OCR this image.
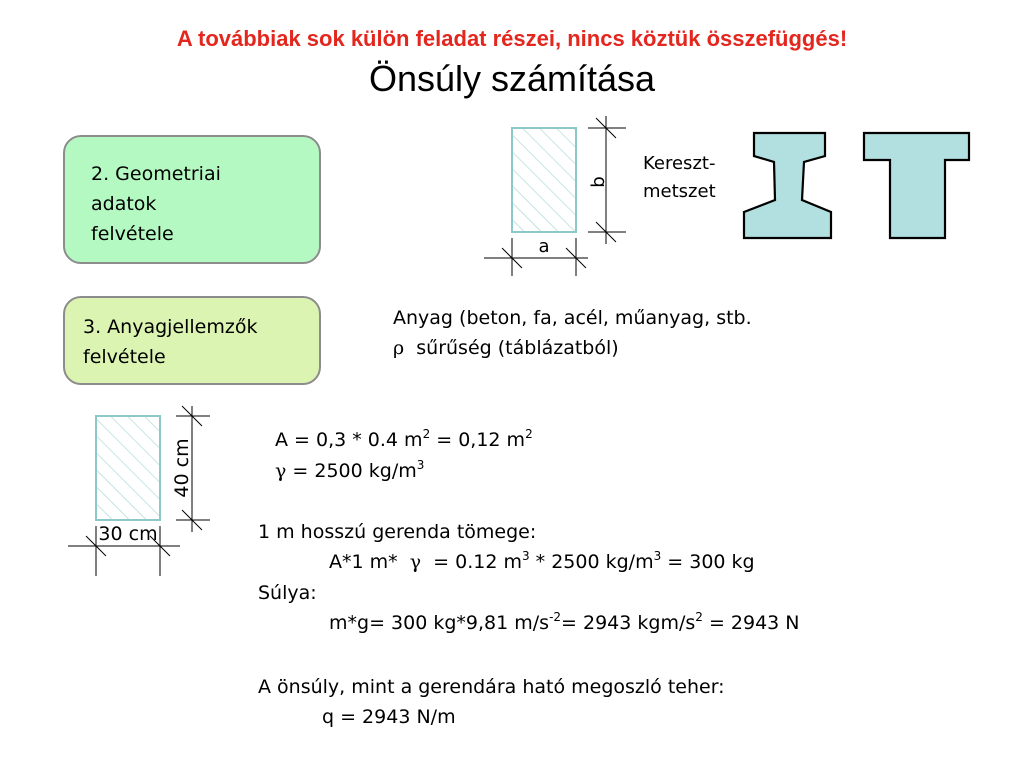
A továbbiak sok külön feladat részei, nincs köztük összefüggés!
Önsúly számítása
2. Geometriai
adatok
felvétele
3. Anyagjellemzők
felvétele
b
a
Kereszt-
metszet
Anyag (beton, fa, acél, műanyag, stb.
ρ sűrűség (táblázatból)
40 cm
30 cm
A = 0,3 * 0.4 $m^2 = 0,12$ $m^2$
γ = 2500 $kg/m^3$
1 m hosszú gerenda tömege:
A*1 m* γ  = 0.12 $m^3 * 2500$ $kg/m^3 = 300$ kg
Súlya:
m*g= 300 kg*9,81 $m/s^{-2}= 2943$ kgm/$s^2 = 2943$ N
A önsúly, mint a gerendára ható megoszló teher:
q = 2943 N/m
